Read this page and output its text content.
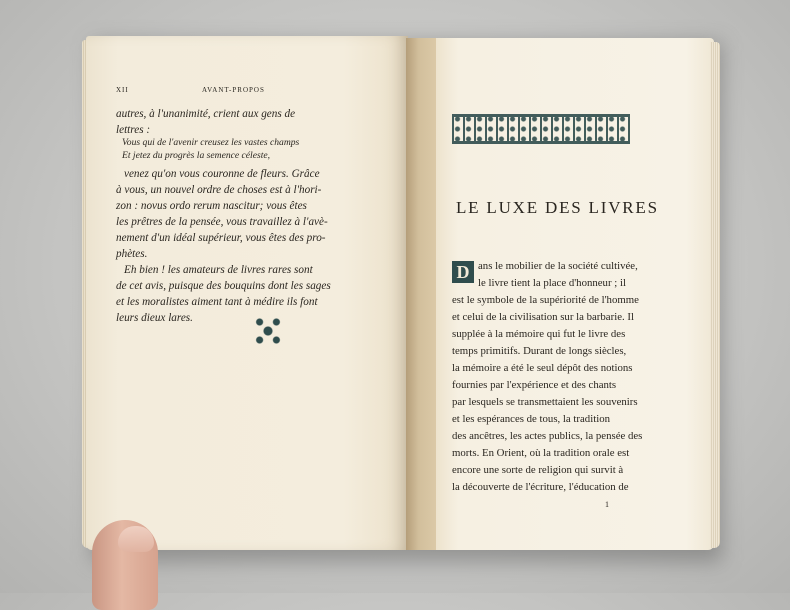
XII	AVANT-PROPOS
autres, à l'unanimité, crient aux gens de
lettres :
Vous qui de l'avenir creusez les vastes champs
Et jetez du progrès la semence céleste,
venez qu'on vous couronne de fleurs. Grâce
à vous, un nouvel ordre de choses est à l'hori-
zon : novus ordo rerum nascitur; vous êtes
les prêtres de la pensée, vous travaillez à l'avè-
nement d'un idéal supérieur, vous êtes des pro-
phètes.
Eh bien ! les amateurs de livres rares sont
de cet avis, puisque des bouquins dont les sages
et les moralistes aiment tant à médire ils font
leurs dieux lares.
LE LUXE DES LIVRES
D ans le mobilier de la société cultivée,
le livre tient la place d'honneur ; il
est le symbole de la supériorité de l'homme
et celui de la civilisation sur la barbarie. Il
supplée à la mémoire qui fut le livre des
temps primitifs. Durant de longs siècles,
la mémoire a été le seul dépôt des notions
fournies par l'expérience et des chants
par lesquels se transmettaient les souvenirs
et les espérances de tous, la tradition
des ancêtres, les actes publics, la pensée des
morts. En Orient, où la tradition orale est
encore une sorte de religion qui survit à
la découverte de l'écriture, l'éducation de
1
